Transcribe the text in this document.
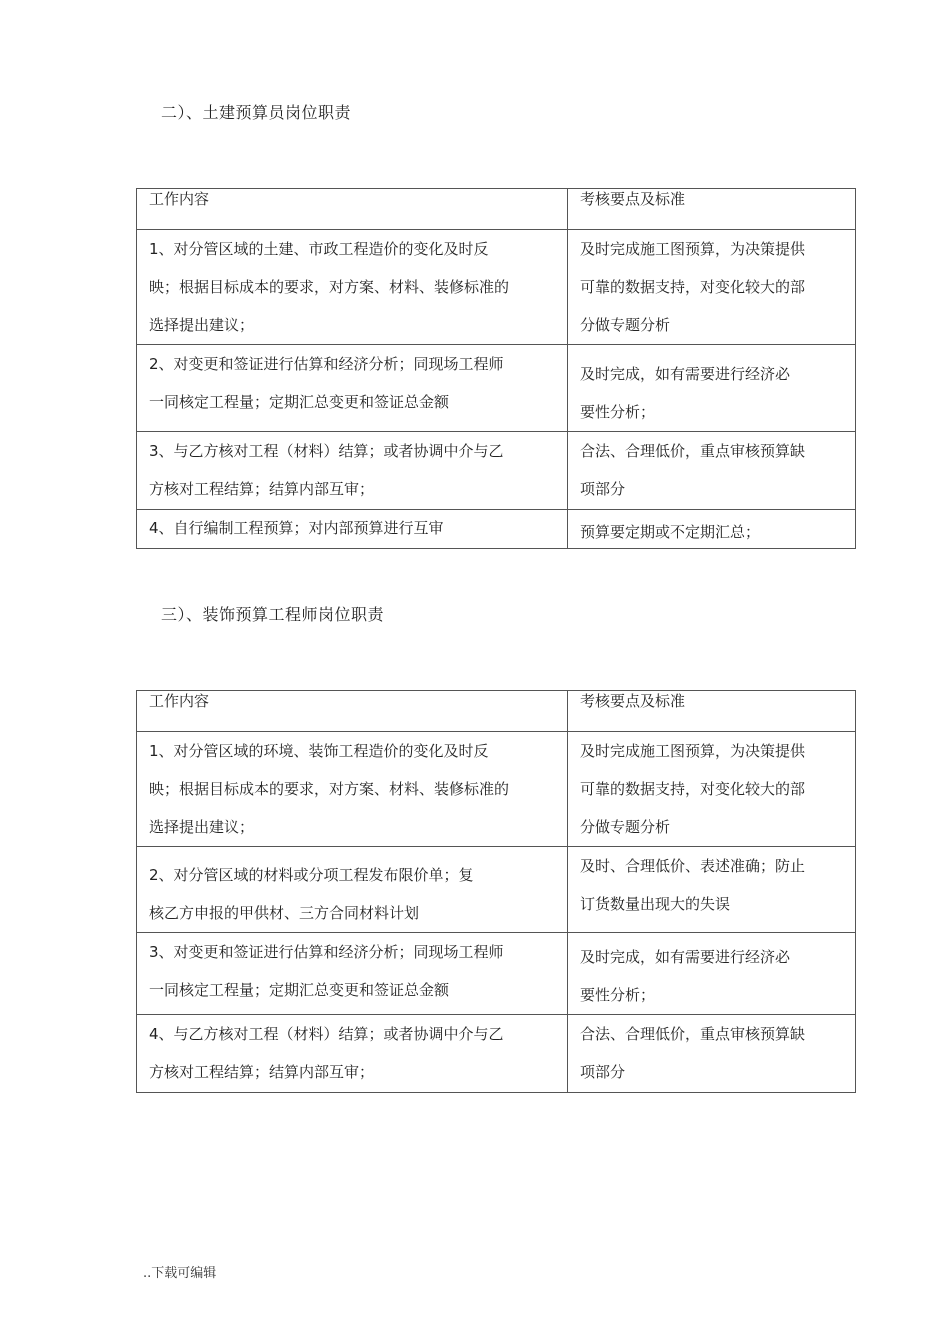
二）、土建预算员岗位职责
工作内容	考核要点及标准

1、对分管区域的土建、市政工程造价的变化及时反
映；根据目标成本的要求，对方案、材料、装修标准的
选择提出建议；	及时完成施工图预算，为决策提供
可靠的数据支持，对变化较大的部
分做专题分析

2、对变更和签证进行估算和经济分析；同现场工程师
一同核定工程量；定期汇总变更和签证总金额	及时完成，如有需要进行经济必
要性分析；

3、与乙方核对工程（材料）结算；或者协调中介与乙
方核对工程结算；结算内部互审；	合法、合理低价，重点审核预算缺
项部分

4、自行编制工程预算；对内部预算进行互审	预算要定期或不定期汇总；
三）、装饰预算工程师岗位职责
工作内容	考核要点及标准

1、对分管区域的环境、装饰工程造价的变化及时反
映；根据目标成本的要求，对方案、材料、装修标准的
选择提出建议；	及时完成施工图预算，为决策提供
可靠的数据支持，对变化较大的部
分做专题分析

2、对分管区域的材料或分项工程发布限价单；复
核乙方申报的甲供材、三方合同材料计划	及时、合理低价、表述准确；防止
订货数量出现大的失误

3、对变更和签证进行估算和经济分析；同现场工程师
一同核定工程量；定期汇总变更和签证总金额	及时完成，如有需要进行经济必
要性分析；

4、与乙方核对工程（材料）结算；或者协调中介与乙
方核对工程结算；结算内部互审；	合法、合理低价，重点审核预算缺
项部分
..下载可编辑
